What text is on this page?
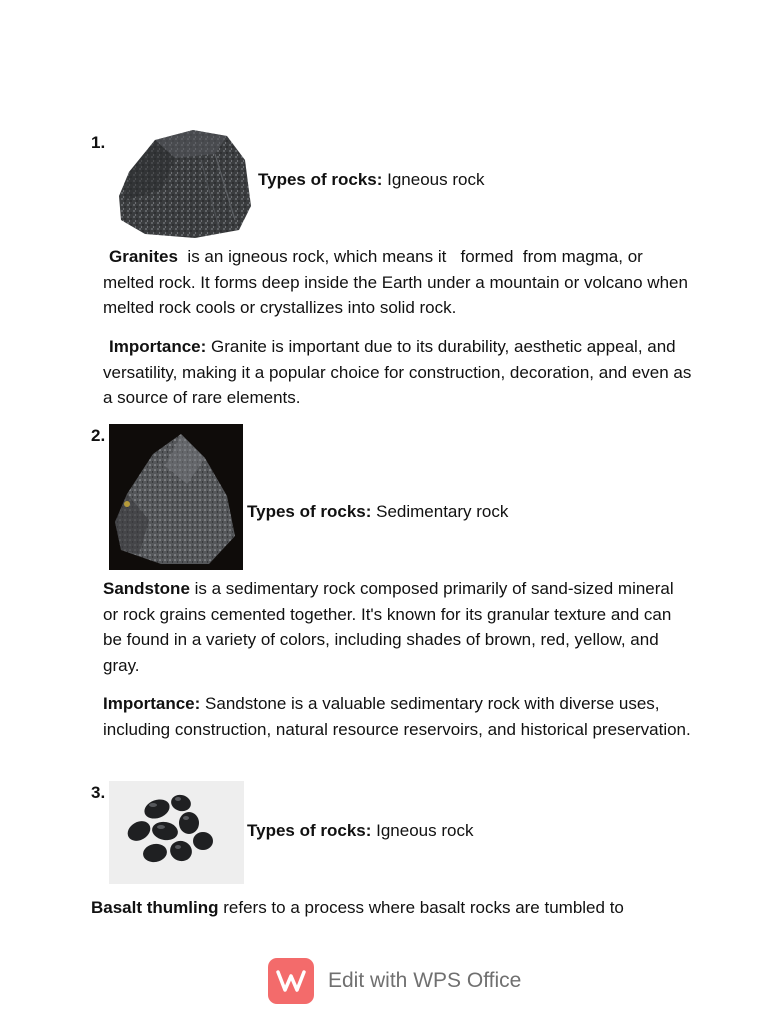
1.
Types of rocks: Igneous rock
Granites  is an igneous rock, which means it   formed  from magma, or melted rock. It forms deep inside the Earth under a mountain or volcano when melted rock cools or crystallizes into solid rock.
Importance: Granite is important due to its durability, aesthetic appeal, and versatility, making it a popular choice for construction, decoration, and even as a source of rare elements.
2.
Types of rocks: Sedimentary rock
Sandstone is a sedimentary rock composed primarily of sand-sized mineral or rock grains cemented together. It's known for its granular texture and can be found in a variety of colors, including shades of brown, red, yellow, and gray.
Importance: Sandstone is a valuable sedimentary rock with diverse uses, including construction, natural resource reservoirs, and historical preservation.
3.
Types of rocks: Igneous rock
Basalt thumling refers to a process where basalt rocks are tumbled to
Edit with WPS Office
